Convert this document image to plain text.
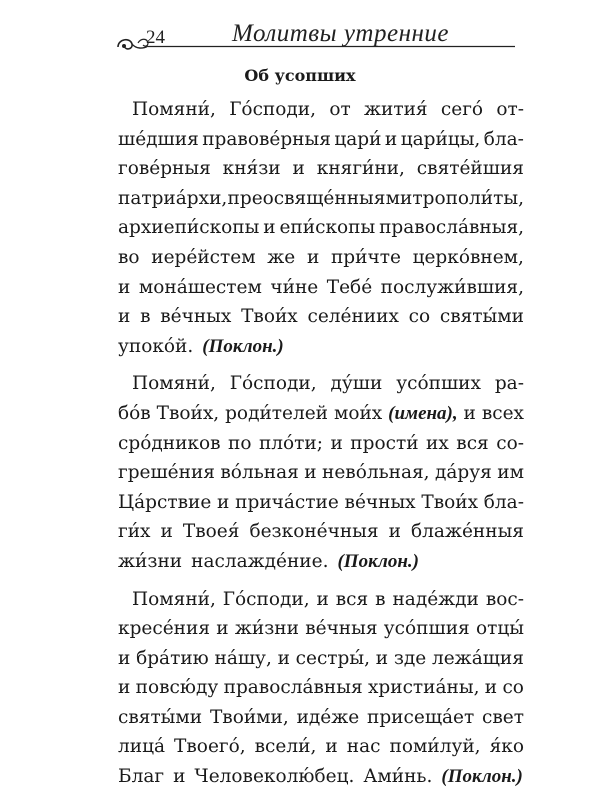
24	Молитвы утренние
Об усопших
Помяни́, Го́споди, от жития́ сего́ от-
ше́дшия правове́рныя цари́ и цари́цы, бла-
гове́рныя кня́зи и княги́ни, святе́йшия
патриа́рхи, преосвяще́нныя митрополи́ты,
архиепи́скопы и епи́скопы правосла́вныя,
во иере́йстем же и при́чте церко́внем,
и мона́шестем чи́не Тебе́ послужи́вшия,
и в ве́чных Твои́х селе́ниих со святы́ми
упоко́й. (Поклон.)
Помяни́, Го́споди, ду́ши усо́пших ра-
бо́в Твои́х, роди́телей мои́х (имена), и всех
сро́дников по пло́ти; и прости́ их вся со-
грешéния во́льная и нево́льная, да́руя им
Ца́рствие и прича́стие ве́чных Твои́х бла-
ги́х и Твоея́ безконе́чныя и блаже́нныя
жи́зни наслажде́ние. (Поклон.)
Помяни́, Го́споди, и вся в наде́жди вос-
кресе́ния и жи́зни ве́чныя усо́пшия отцы́
и бра́тию на́шу, и сестры́, и зде лежа́щия
и повсю́ду правосла́вныя христиа́ны, и со
святы́ми Твои́ми, иде́же присеща́ет свет
лица́ Твоего́, всели́, и нас поми́луй, я́ко
Благ и Человеколю́бец. Ами́нь. (Поклон.)
